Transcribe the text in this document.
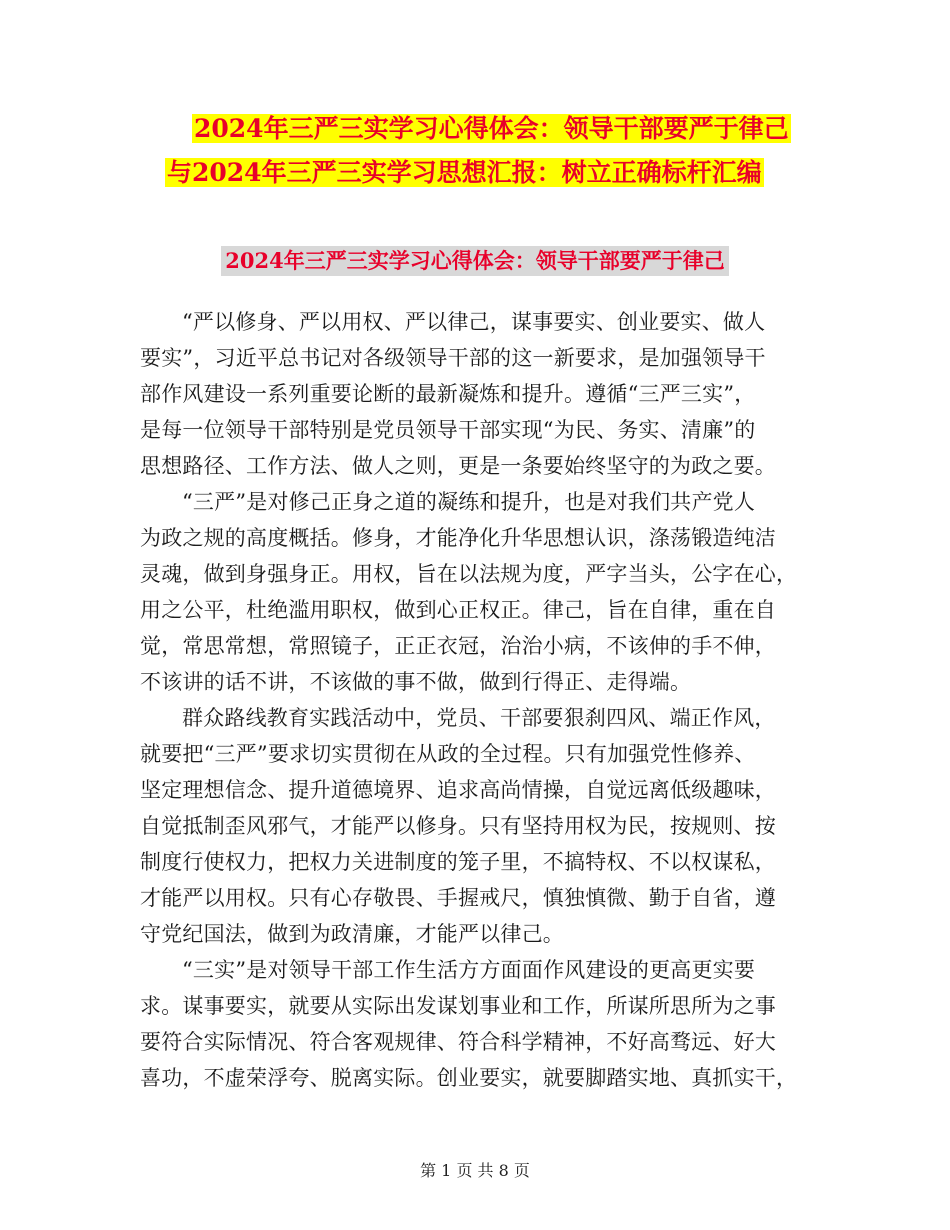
2024年三严三实学习心得体会：领导干部要严于律己
与2024年三严三实学习思想汇报：树立正确标杆汇编
2024年三严三实学习心得体会：领导干部要严于律己
“严以修身、严以用权、严以律己，谋事要实、创业要实、做人
要实”，习近平总书记对各级领导干部的这一新要求，是加强领导干
部作风建设一系列重要论断的最新凝炼和提升。遵循“三严三实”，
是每一位领导干部特别是党员领导干部实现“为民、务实、清廉”的
思想路径、工作方法、做人之则，更是一条要始终坚守的为政之要。
“三严”是对修己正身之道的凝练和提升，也是对我们共产党人
为政之规的高度概括。修身，才能净化升华思想认识，涤荡锻造纯洁
灵魂，做到身强身正。用权，旨在以法规为度，严字当头，公字在心，
用之公平，杜绝滥用职权，做到心正权正。律己，旨在自律，重在自
觉，常思常想，常照镜子，正正衣冠，治治小病，不该伸的手不伸，
不该讲的话不讲，不该做的事不做，做到行得正、走得端。
群众路线教育实践活动中，党员、干部要狠刹四风、端正作风，
就要把“三严”要求切实贯彻在从政的全过程。只有加强党性修养、
坚定理想信念、提升道德境界、追求高尚情操，自觉远离低级趣味，
自觉抵制歪风邪气，才能严以修身。只有坚持用权为民，按规则、按
制度行使权力，把权力关进制度的笼子里，不搞特权、不以权谋私，
才能严以用权。只有心存敬畏、手握戒尺，慎独慎微、勤于自省，遵
守党纪国法，做到为政清廉，才能严以律己。
“三实”是对领导干部工作生活方方面面作风建设的更高更实要
求。谋事要实，就要从实际出发谋划事业和工作，所谋所思所为之事
要符合实际情况、符合客观规律、符合科学精神，不好高骛远、好大
喜功，不虚荣浮夸、脱离实际。创业要实，就要脚踏实地、真抓实干，
第 1 页 共 8 页
